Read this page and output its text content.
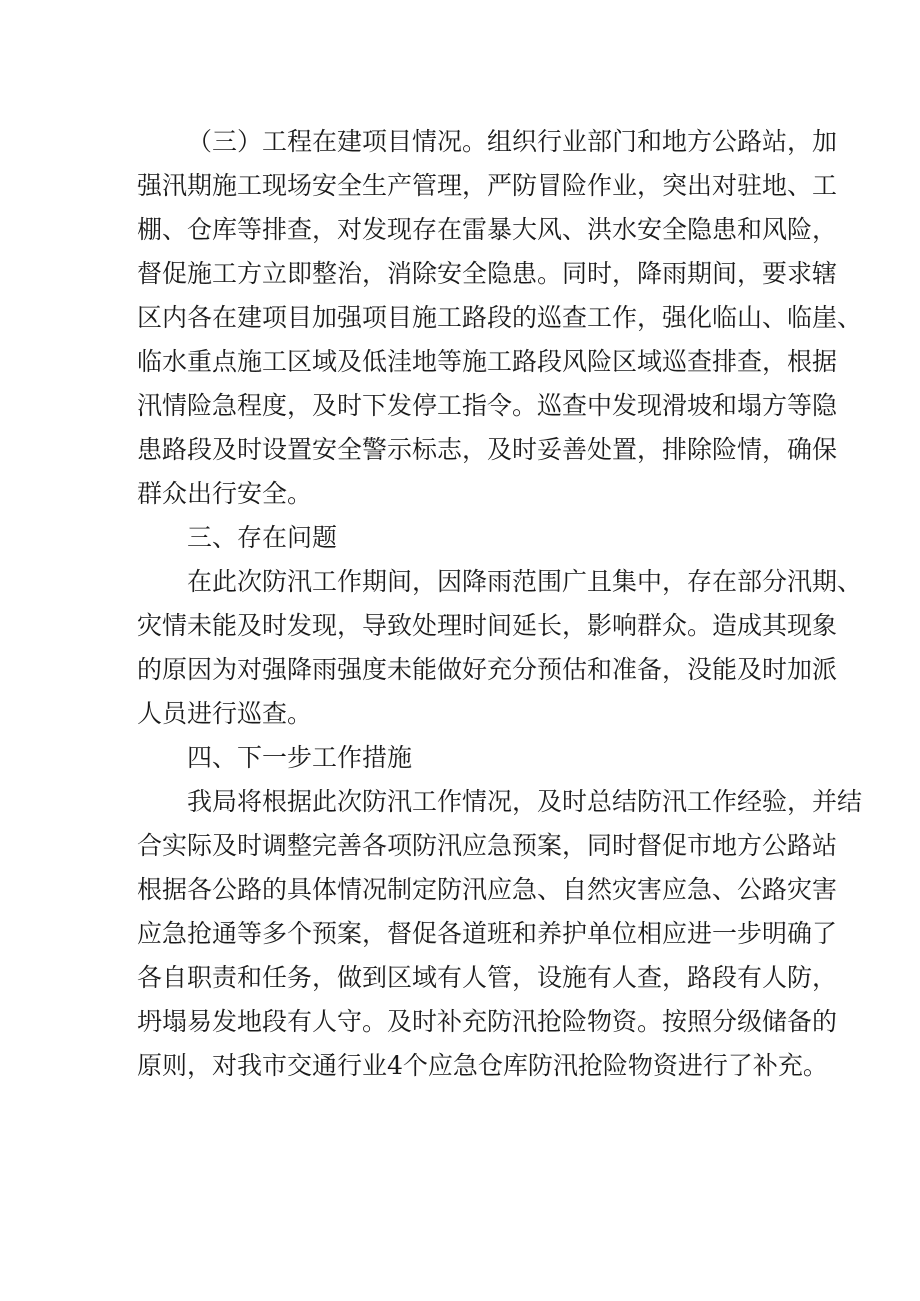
（三）工程在建项目情况。组织行业部门和地方公路站，加
强汛期施工现场安全生产管理，严防冒险作业，突出对驻地、工
棚、仓库等排查，对发现存在雷暴大风、洪水安全隐患和风险，
督促施工方立即整治，消除安全隐患。同时，降雨期间，要求辖
区内各在建项目加强项目施工路段的巡查工作，强化临山、临崖、
临水重点施工区域及低洼地等施工路段风险区域巡查排查，根据
汛情险急程度，及时下发停工指令。巡查中发现滑坡和塌方等隐
患路段及时设置安全警示标志，及时妥善处置，排除险情，确保
群众出行安全。
三、存在问题
在此次防汛工作期间，因降雨范围广且集中，存在部分汛期、
灾情未能及时发现，导致处理时间延长，影响群众。造成其现象
的原因为对强降雨强度未能做好充分预估和准备，没能及时加派
人员进行巡查。
四、下一步工作措施
我局将根据此次防汛工作情况，及时总结防汛工作经验，并结
合实际及时调整完善各项防汛应急预案，同时督促市地方公路站
根据各公路的具体情况制定防汛应急、自然灾害应急、公路灾害
应急抢通等多个预案，督促各道班和养护单位相应进一步明确了
各自职责和任务，做到区域有人管，设施有人查，路段有人防，
坍塌易发地段有人守。及时补充防汛抢险物资。按照分级储备的
原则，对我市交通行业4个应急仓库防汛抢险物资进行了补充。
